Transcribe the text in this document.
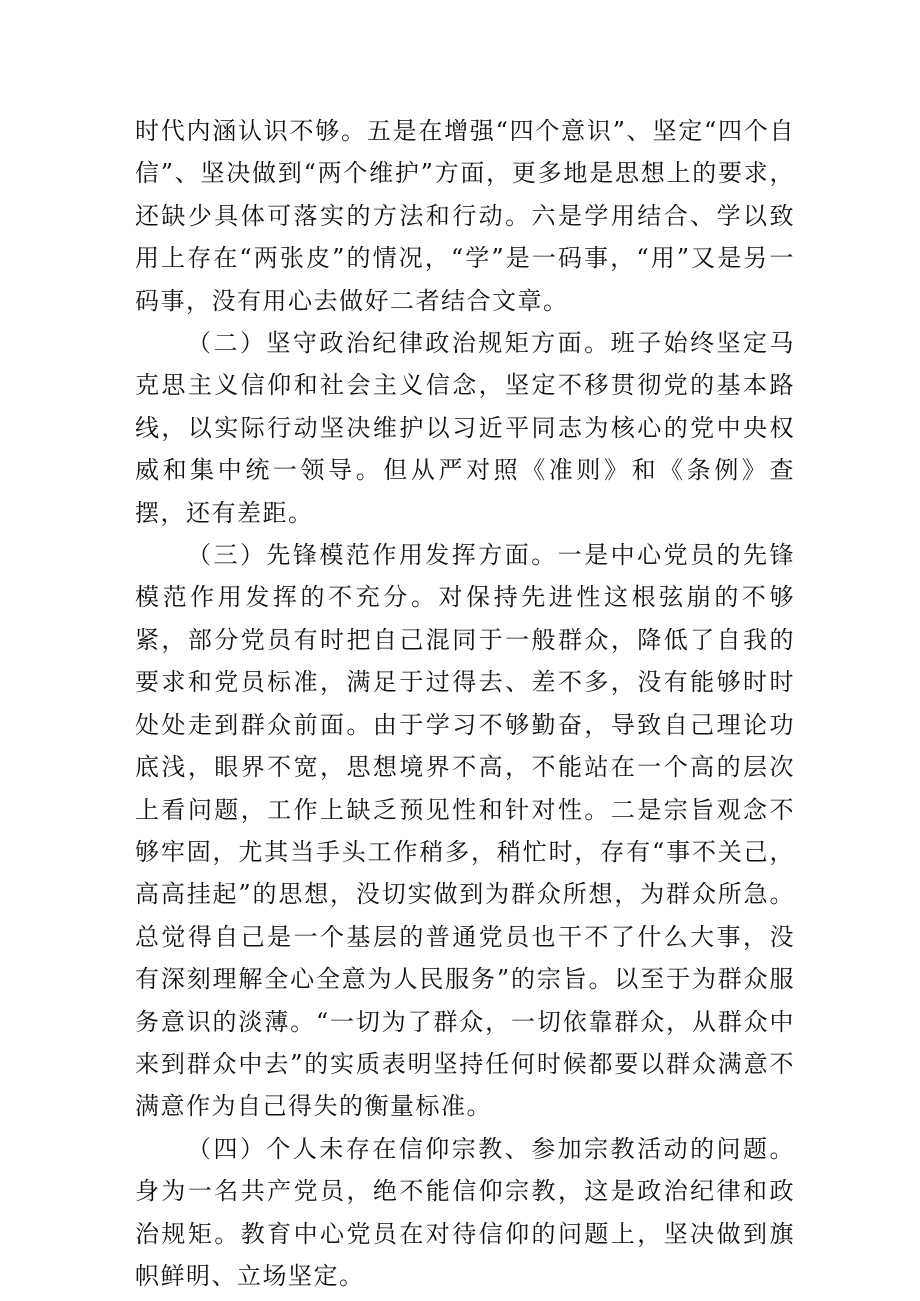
时代内涵认识不够。五是在增强“四个意识”、坚定“四个自信”、坚决做到“两个维护”方面，更多地是思想上的要求，还缺少具体可落实的方法和行动。六是学用结合、学以致用上存在“两张皮”的情况，“学”是一码事，“用”又是另一码事，没有用心去做好二者结合文章。

（二）坚守政治纪律政治规矩方面。班子始终坚定马克思主义信仰和社会主义信念，坚定不移贯彻党的基本路线，以实际行动坚决维护以习近平同志为核心的党中央权威和集中统一领导。但从严对照《准则》和《条例》查摆，还有差距。

（三）先锋模范作用发挥方面。一是中心党员的先锋模范作用发挥的不充分。对保持先进性这根弦崩的不够紧，部分党员有时把自己混同于一般群众，降低了自我的要求和党员标准，满足于过得去、差不多，没有能够时时处处走到群众前面。由于学习不够勤奋，导致自己理论功底浅，眼界不宽，思想境界不高，不能站在一个高的层次上看问题，工作上缺乏预见性和针对性。二是宗旨观念不够牢固，尤其当手头工作稍多，稍忙时，存有“事不关己，高高挂起”的思想，没切实做到为群众所想，为群众所急。总觉得自己是一个基层的普通党员也干不了什么大事，没有深刻理解全心全意为人民服务”的宗旨。以至于为群众服务意识的淡薄。“一切为了群众，一切依靠群众，从群众中来到群众中去”的实质表明坚持任何时候都要以群众满意不满意作为自己得失的衡量标准。

（四）个人未存在信仰宗教、参加宗教活动的问题。身为一名共产党员，绝不能信仰宗教，这是政治纪律和政治规矩。教育中心党员在对待信仰的问题上，坚决做到旗帜鲜明、立场坚定。
